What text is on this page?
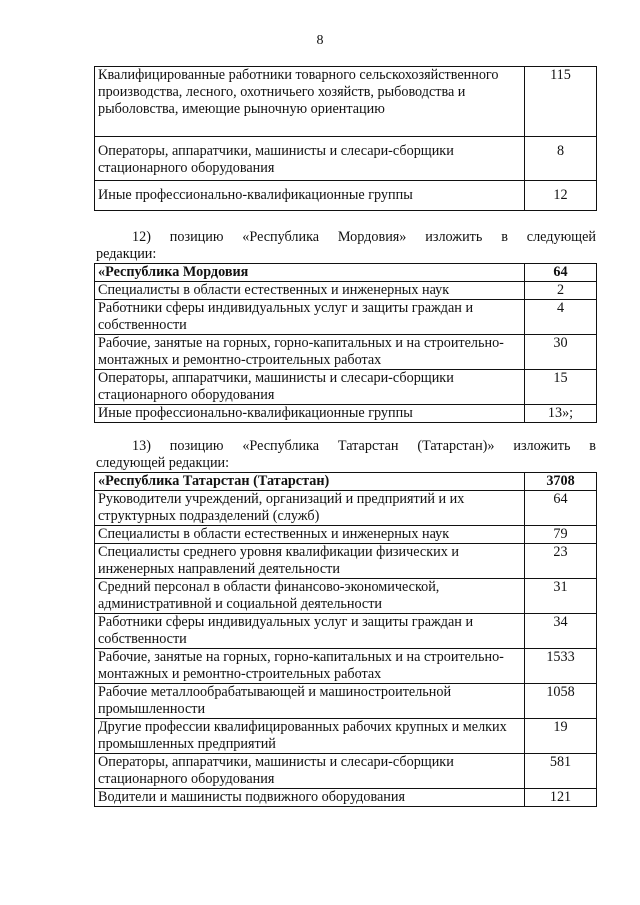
8
Квалифицированные работники товарного сельскохозяйственного производства, лесного, охотничьего хозяйств, рыбоводства и рыболовства, имеющие рыночную ориентацию	115
Операторы, аппаратчики, машинисты и слесари-сборщики стационарного оборудования	8
Иные профессионально-квалификационные группы	12
12) позицию «Республика Мордовия» изложить в следующей
редакции:
«Республика Мордовия	64
Специалисты в области естественных и инженерных наук	2
Работники сферы индивидуальных услуг и защиты граждан и собственности	4
Рабочие, занятые на горных, горно-капитальных и на строительно-монтажных и ремонтно-строительных работах	30
Операторы, аппаратчики, машинисты и слесари-сборщики стационарного оборудования	15
Иные профессионально-квалификационные группы	13»;
13) позицию «Республика Татарстан (Татарстан)» изложить в
следующей редакции:
«Республика Татарстан (Татарстан)	3708
Руководители учреждений, организаций и предприятий и их структурных подразделений (служб)	64
Специалисты в области естественных и инженерных наук	79
Специалисты среднего уровня квалификации физических и инженерных направлений деятельности	23
Средний персонал в области финансово-экономической, административной и социальной деятельности	31
Работники сферы индивидуальных услуг и защиты граждан и собственности	34
Рабочие, занятые на горных, горно-капитальных и на строительно-монтажных и ремонтно-строительных работах	1533
Рабочие металлообрабатывающей и машиностроительной промышленности	1058
Другие профессии квалифицированных рабочих крупных и мелких промышленных предприятий	19
Операторы, аппаратчики, машинисты и слесари-сборщики стационарного оборудования	581
Водители и машинисты подвижного оборудования	121
